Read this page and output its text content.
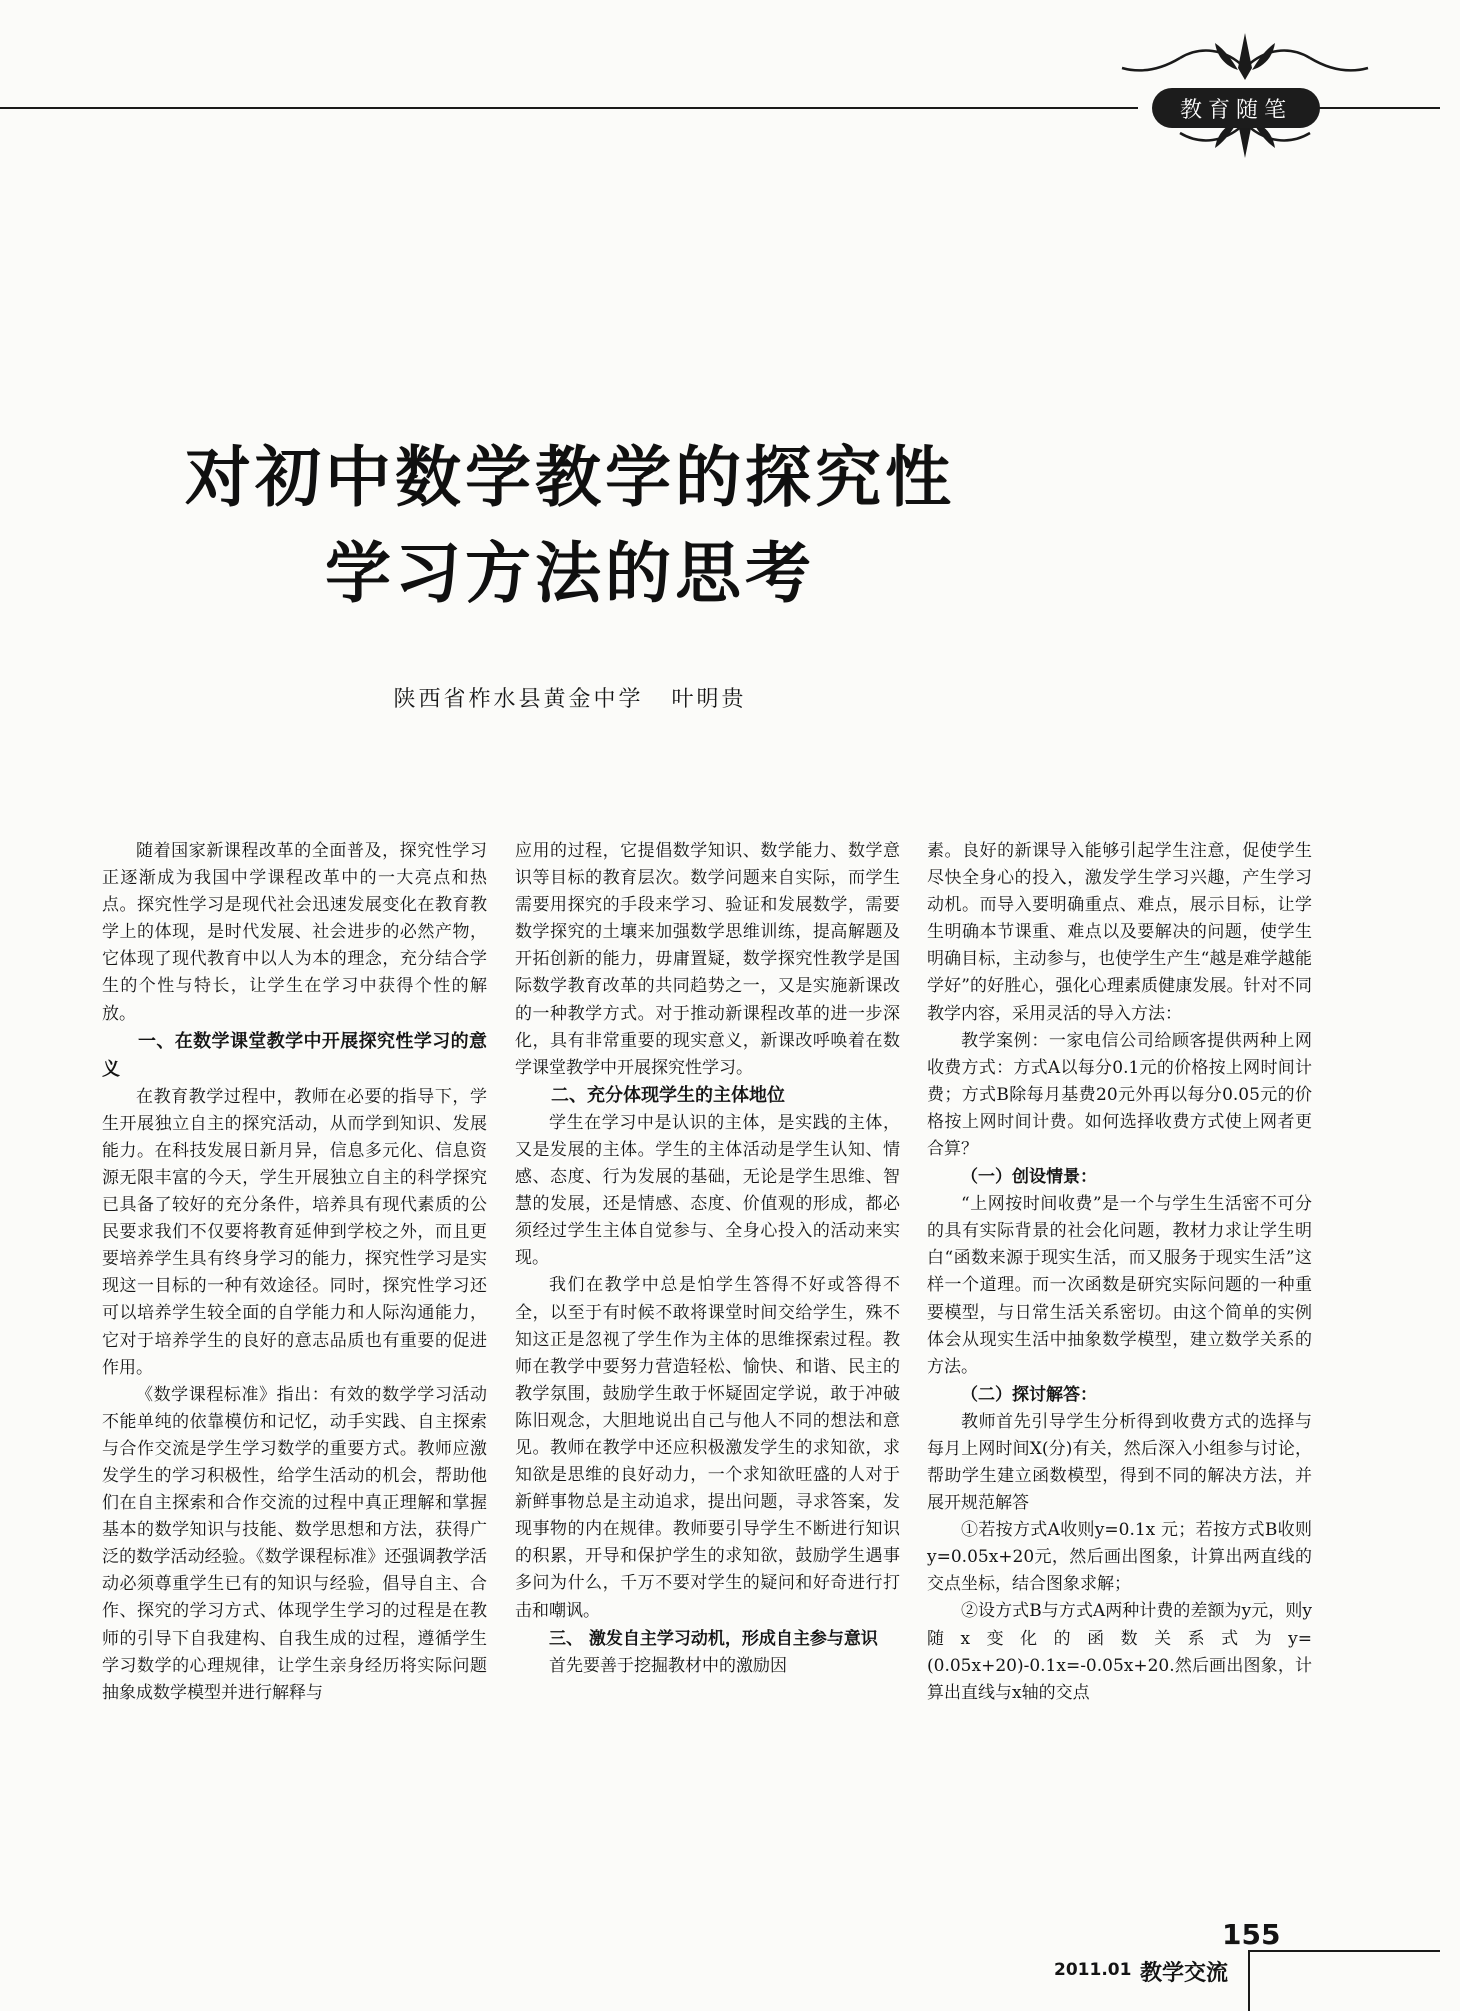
教育随笔
对初中数学教学的探究性
学习方法的思考
陕西省柞水县黄金中学 叶明贵

随着国家新课程改革的全面普及，探究性学习正逐渐成为我国中学课程改革中的一大亮点和热点。探究性学习是现代社会迅速发展变化在教育教学上的体现，是时代发展、社会进步的必然产物，它体现了现代教育中以人为本的理念，充分结合学生的个性与特长，让学生在学习中获得个性的解放。

一、在数学课堂教学中开展探究性学习的意义

在教育教学过程中，教师在必要的指导下，学生开展独立自主的探究活动，从而学到知识、发展能力。在科技发展日新月异，信息多元化、信息资源无限丰富的今天，学生开展独立自主的科学探究已具备了较好的充分条件，培养具有现代素质的公民要求我们不仅要将教育延伸到学校之外，而且更要培养学生具有终身学习的能力，探究性学习是实现这一目标的一种有效途径。同时，探究性学习还可以培养学生较全面的自学能力和人际沟通能力，它对于培养学生的良好的意志品质也有重要的促进作用。

《数学课程标准》指出：有效的数学学习活动不能单纯的依靠模仿和记忆，动手实践、自主探索与合作交流是学生学习数学的重要方式。教师应激发学生的学习积极性，给学生活动的机会，帮助他们在自主探索和合作交流的过程中真正理解和掌握基本的数学知识与技能、数学思想和方法，获得广泛的数学活动经验。《数学课程标准》还强调教学活动必须尊重学生已有的知识与经验，倡导自主、合作、探究的学习方式、体现学生学习的过程是在教师的引导下自我建构、自我生成的过程，遵循学生学习数学的心理规律，让学生亲身经历将实际问题抽象成数学模型并进行解释与

应用的过程，它提倡数学知识、数学能力、数学意识等目标的教育层次。数学问题来自实际，而学生需要用探究的手段来学习、验证和发展数学，需要数学探究的土壤来加强数学思维训练，提高解题及开拓创新的能力，毋庸置疑，数学探究性教学是国际数学教育改革的共同趋势之一，又是实施新课改的一种教学方式。对于推动新课程改革的进一步深化，具有非常重要的现实意义，新课改呼唤着在数学课堂教学中开展探究性学习。

二、充分体现学生的主体地位

学生在学习中是认识的主体，是实践的主体，又是发展的主体。学生的主体活动是学生认知、情感、态度、行为发展的基础，无论是学生思维、智慧的发展，还是情感、态度、价值观的形成，都必须经过学生主体自觉参与、全身心投入的活动来实现。

我们在教学中总是怕学生答得不好或答得不全，以至于有时候不敢将课堂时间交给学生，殊不知这正是忽视了学生作为主体的思维探索过程。教师在教学中要努力营造轻松、愉快、和谐、民主的教学氛围，鼓励学生敢于怀疑固定学说，敢于冲破陈旧观念，大胆地说出自己与他人不同的想法和意见。教师在教学中还应积极激发学生的求知欲，求知欲是思维的良好动力，一个求知欲旺盛的人对于新鲜事物总是主动追求，提出问题，寻求答案，发现事物的内在规律。教师要引导学生不断进行知识的积累，开导和保护学生的求知欲，鼓励学生遇事多问为什么，千万不要对学生的疑问和好奇进行打击和嘲讽。

三、 激发自主学习动机，形成自主参与意识

首先要善于挖掘教材中的激励因

素。良好的新课导入能够引起学生注意，促使学生尽快全身心的投入，激发学生学习兴趣，产生学习动机。而导入要明确重点、难点，展示目标，让学生明确本节课重、难点以及要解决的问题，使学生明确目标，主动参与，也使学生产生“越是难学越能学好”的好胜心，强化心理素质健康发展。针对不同教学内容，采用灵活的导入方法：

教学案例：一家电信公司给顾客提供两种上网收费方式：方式A以每分0.1元的价格按上网时间计费；方式B除每月基费20元外再以每分0.05元的价格按上网时间计费。如何选择收费方式使上网者更合算？

（一）创设情景：

“上网按时间收费”是一个与学生生活密不可分的具有实际背景的社会化问题，教材力求让学生明白“函数来源于现实生活，而又服务于现实生活”这样一个道理。而一次函数是研究实际问题的一种重要模型，与日常生活关系密切。由这个简单的实例体会从现实生活中抽象数学模型，建立数学关系的方法。

（二）探讨解答：

教师首先引导学生分析得到收费方式的选择与每月上网时间X(分)有关，然后深入小组参与讨论，帮助学生建立函数模型，得到不同的解决方法，并展开规范解答

①若按方式A收则y=0.1x 元；若按方式B收则y=0.05x+20元，然后画出图象，计算出两直线的交点坐标，结合图象求解；

②设方式B与方式A两种计费的差额为y元，则y随x变化的函数关系式为y=(0.05x+20)-0.1x=-0.05x+20.然后画出图象，计算出直线与x轴的交点

155
2011.01 教学交流
